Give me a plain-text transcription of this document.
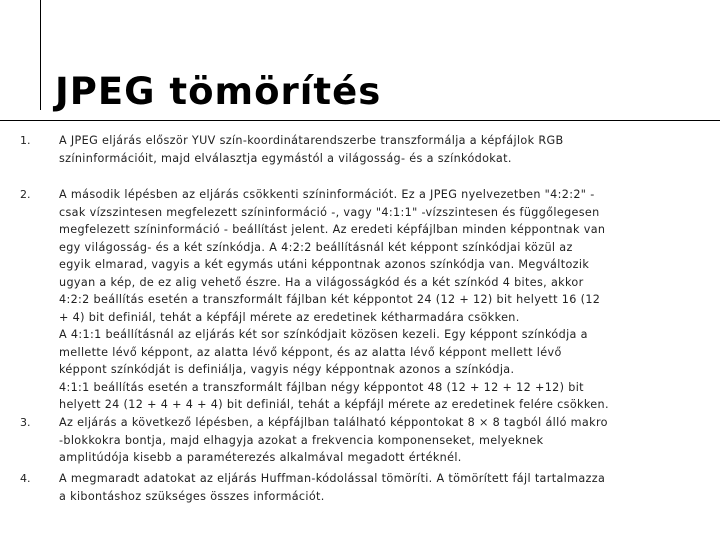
JPEG tömörítés
1.	A JPEG eljárás először YUV szín-koordinátarendszerbe transzformálja a képfájlok RGB
színinformációit, majd elválasztja egymástól a világosság- és a színkódokat.
2.	A második lépésben az eljárás csökkenti színinformációt. Ez a JPEG nyelvezetben "4:2:2" -
csak vízszintesen megfelezett színinformáció -, vagy "4:1:1" -vízszintesen és függőlegesen
megfelezett színinformáció - beállítást jelent. Az eredeti képfájlban minden képpontnak van
egy világosság- és a két színkódja. A 4:2:2 beállításnál két képpont színkódjai közül az
egyik elmarad, vagyis a két egymás utáni képpontnak azonos színkódja van. Megváltozik
ugyan a kép, de ez alig vehető észre. Ha a világosságkód és a két színkód 4 bites, akkor
4:2:2 beállítás esetén a transzformált fájlban két képpontot 24 (12 + 12) bit helyett 16 (12
+ 4) bit definiál, tehát a képfájl mérete az eredetinek kétharmadára csökken.
A 4:1:1 beállításnál az eljárás két sor színkódjait közösen kezeli. Egy képpont színkódja a
mellette lévő képpont, az alatta lévő képpont, és az alatta lévő képpont mellett lévő
képpont színkódját is definiálja, vagyis négy képpontnak azonos a színkódja.
4:1:1 beállítás esetén a transzformált fájlban négy képpontot 48 (12 + 12 + 12 +12) bit
helyett 24 (12 + 4 + 4 + 4) bit definiál, tehát a képfájl mérete az eredetinek felére csökken.
3.	Az eljárás a következő lépésben, a képfájlban található képpontokat 8 × 8 tagból álló makro
-blokkokra bontja, majd elhagyja azokat a frekvencia komponenseket, melyeknek
amplitúdója kisebb a paraméterezés alkalmával megadott értéknél.
4.	A megmaradt adatokat az eljárás Huffman-kódolással tömöríti. A tömörített fájl tartalmazza
a kibontáshoz szükséges összes információt.
